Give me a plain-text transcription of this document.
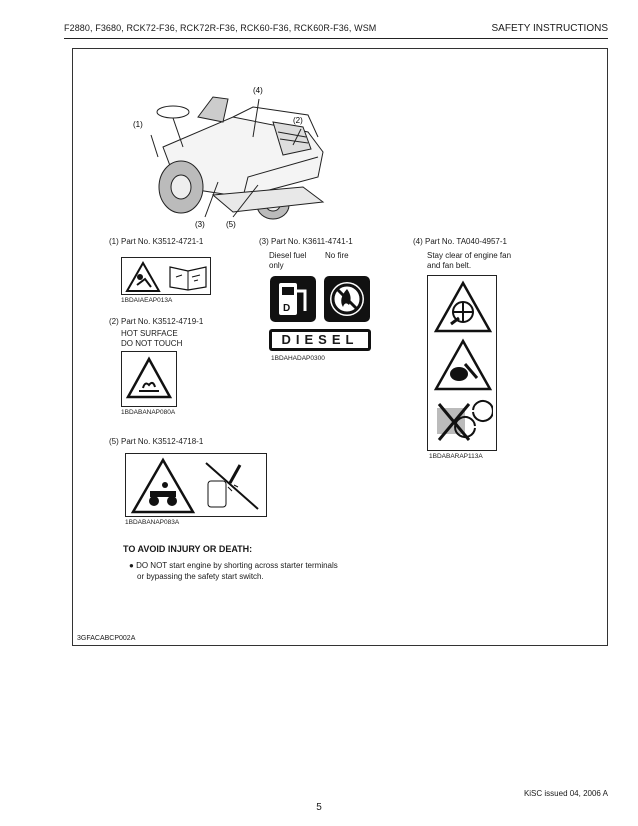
F2880, F3680, RCK72-F36, RCK72R-F36, RCK60-F36, RCK60R-F36, WSM	SAFETY INSTRUCTIONS
(1)
(4)
(2)
(3)	(5)
(1) Part No. K3512-4721-1
1BDAIAEAP013A
(2) Part No. K3512-4719-1
HOT SURFACE
DO NOT TOUCH
1BDABANAP080A
(5) Part No. K3512-4718-1
1BDABANAP083A
(3) Part No. K3611-4741-1
Diesel fuel
only
No fire
D
DIESEL
1BDAHADAP0300
(4) Part No. TA040-4957-1
Stay clear of engine fan
and fan belt.
1BDABARAP113A
TO AVOID INJURY OR DEATH:
● DO NOT start engine by shorting across starter terminals
or bypassing the safety start switch.
3GFACABCP002A
KiSC issued 04, 2006 A
5
